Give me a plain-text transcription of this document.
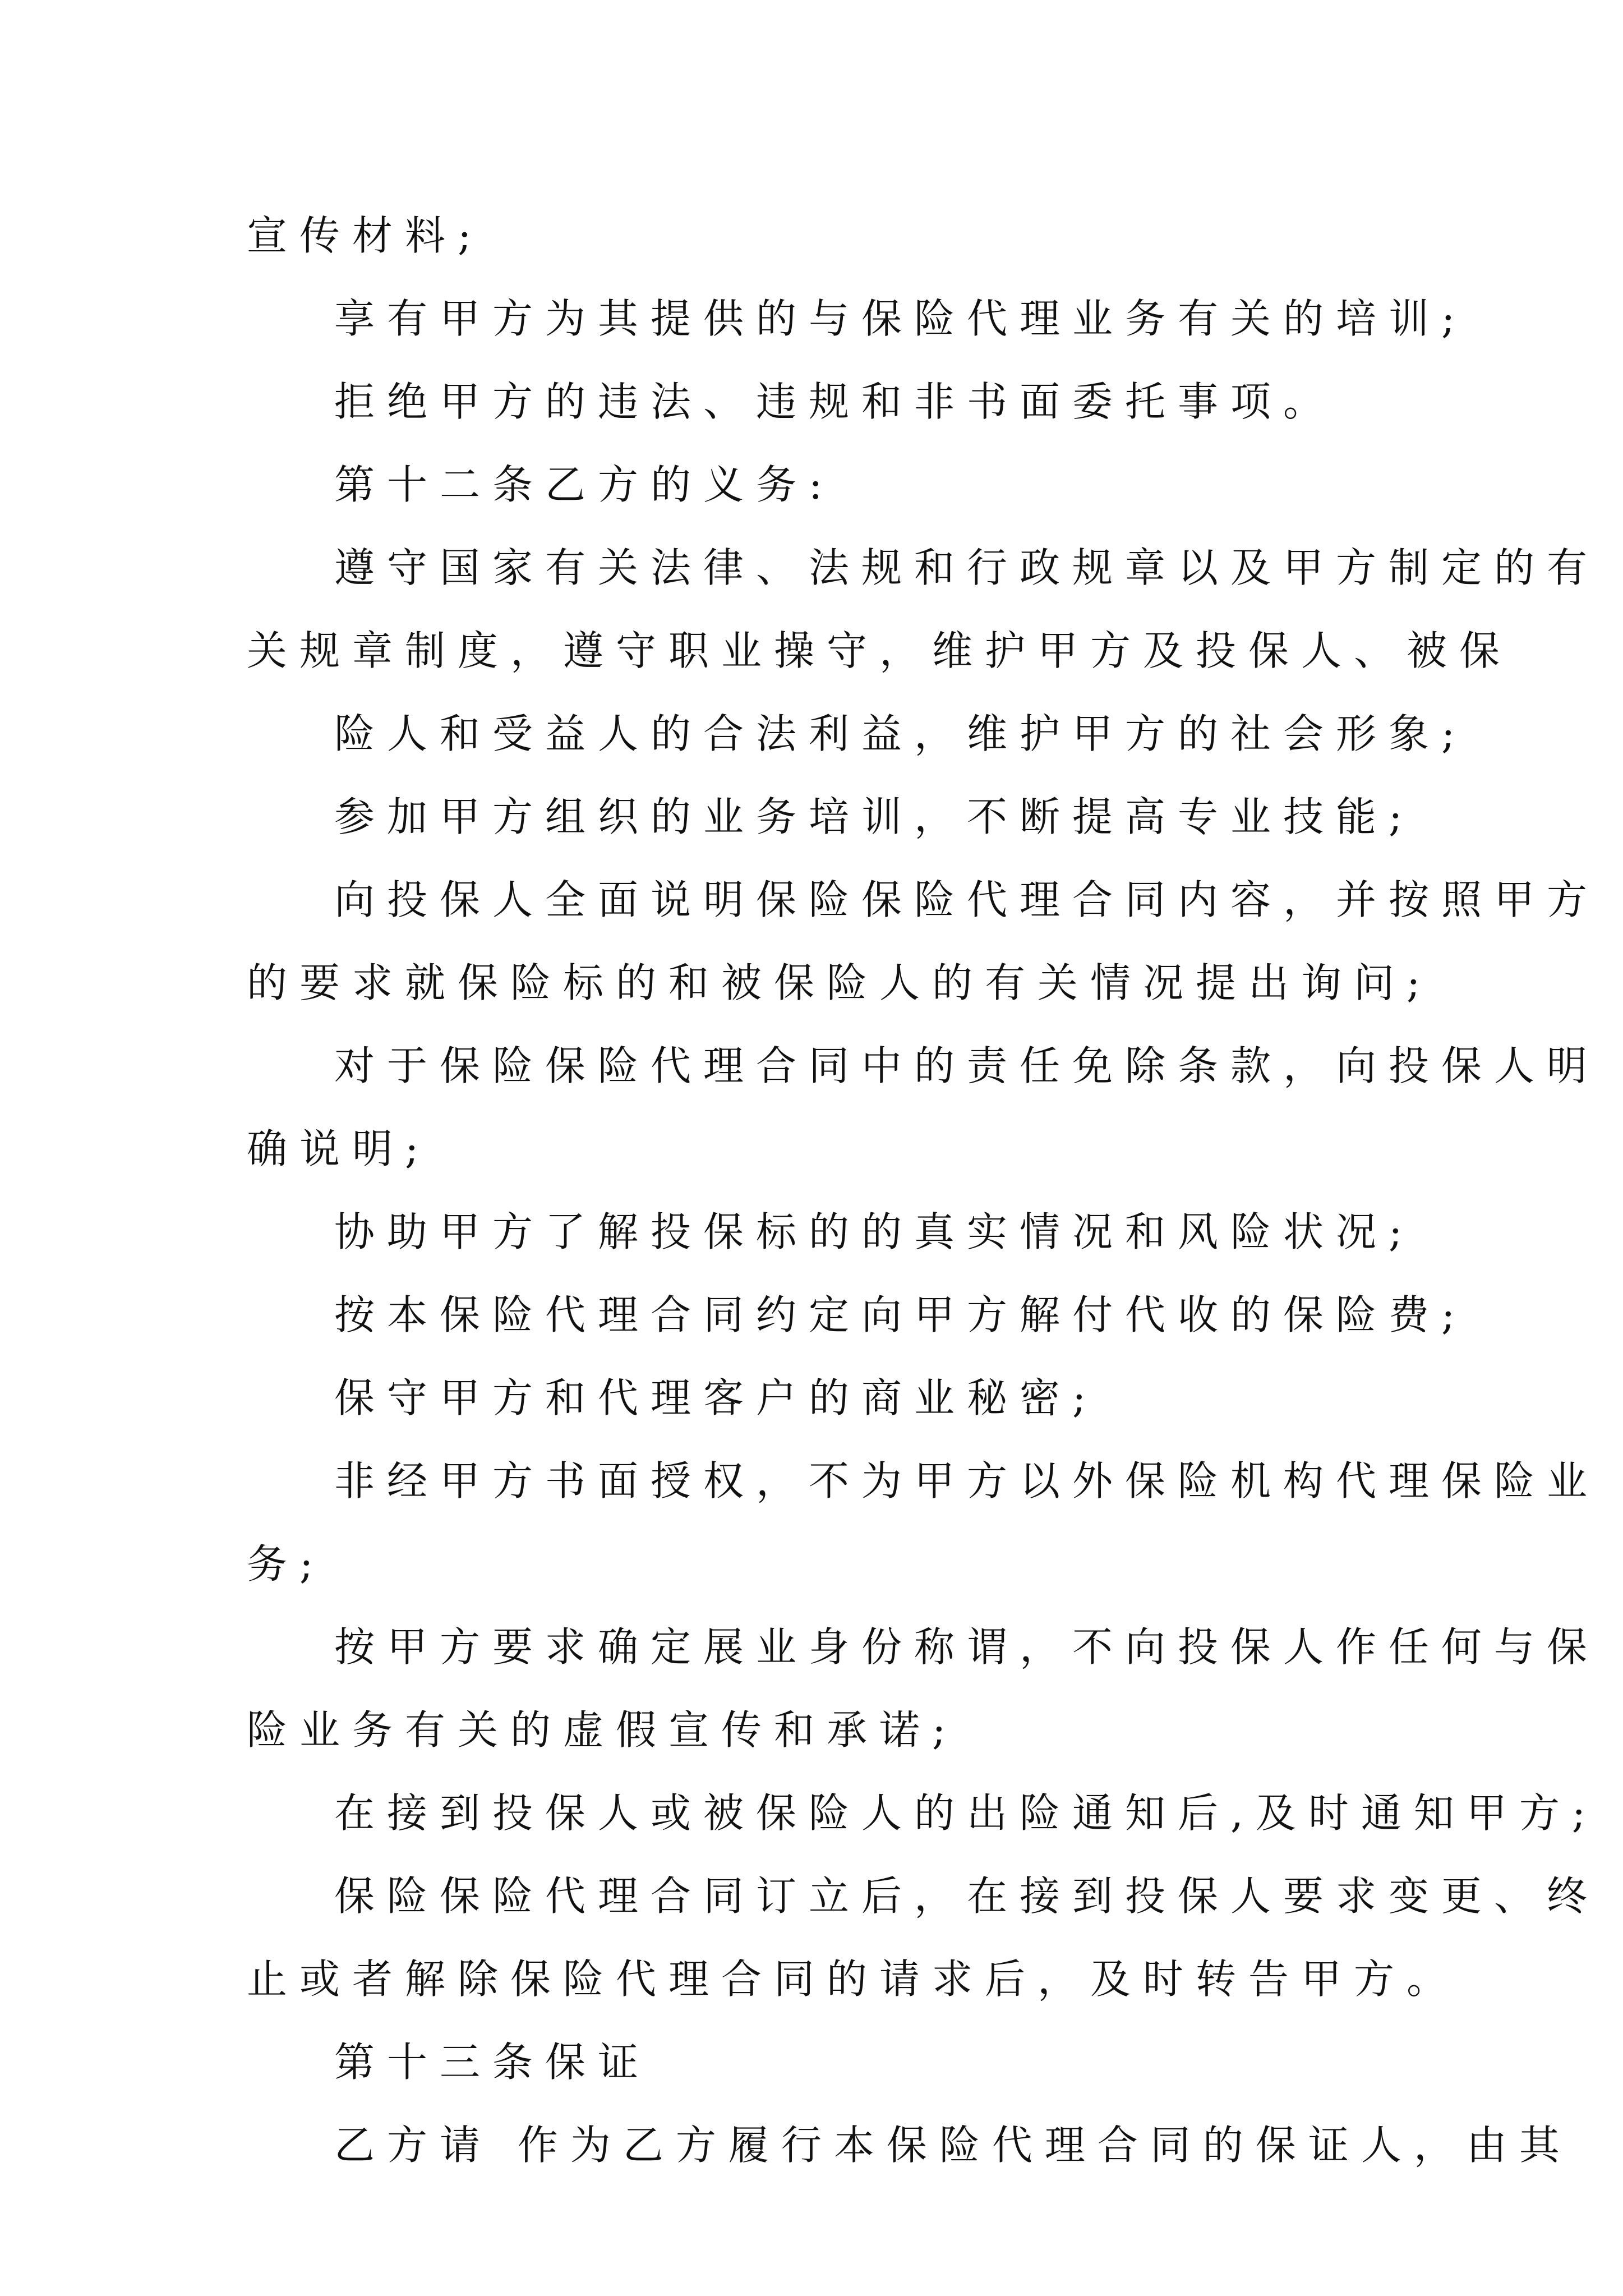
宣传材料;
享有甲方为其提供的与保险代理业务有关的培训;
拒绝甲方的违法、违规和非书面委托事项。
第十二条乙方的义务:
遵守国家有关法律、法规和行政规章以及甲方制定的有
关规章制度，遵守职业操守，维护甲方及投保人、被保
险人和受益人的合法利益，维护甲方的社会形象;
参加甲方组织的业务培训，不断提高专业技能;
向投保人全面说明保险保险代理合同内容，并按照甲方
的要求就保险标的和被保险人的有关情况提出询问;
对于保险保险代理合同中的责任免除条款，向投保人明
确说明;
协助甲方了解投保标的的真实情况和风险状况;
按本保险代理合同约定向甲方解付代收的保险费;
保守甲方和代理客户的商业秘密;
非经甲方书面授权，不为甲方以外保险机构代理保险业
务;
按甲方要求确定展业身份称谓，不向投保人作任何与保
险业务有关的虚假宣传和承诺;
在接到投保人或被保险人的出险通知后,及时通知甲方;
保险保险代理合同订立后，在接到投保人要求变更、终
止或者解除保险代理合同的请求后，及时转告甲方。
第十三条保证
乙方请 作为乙方履行本保险代理合同的保证人，由其
